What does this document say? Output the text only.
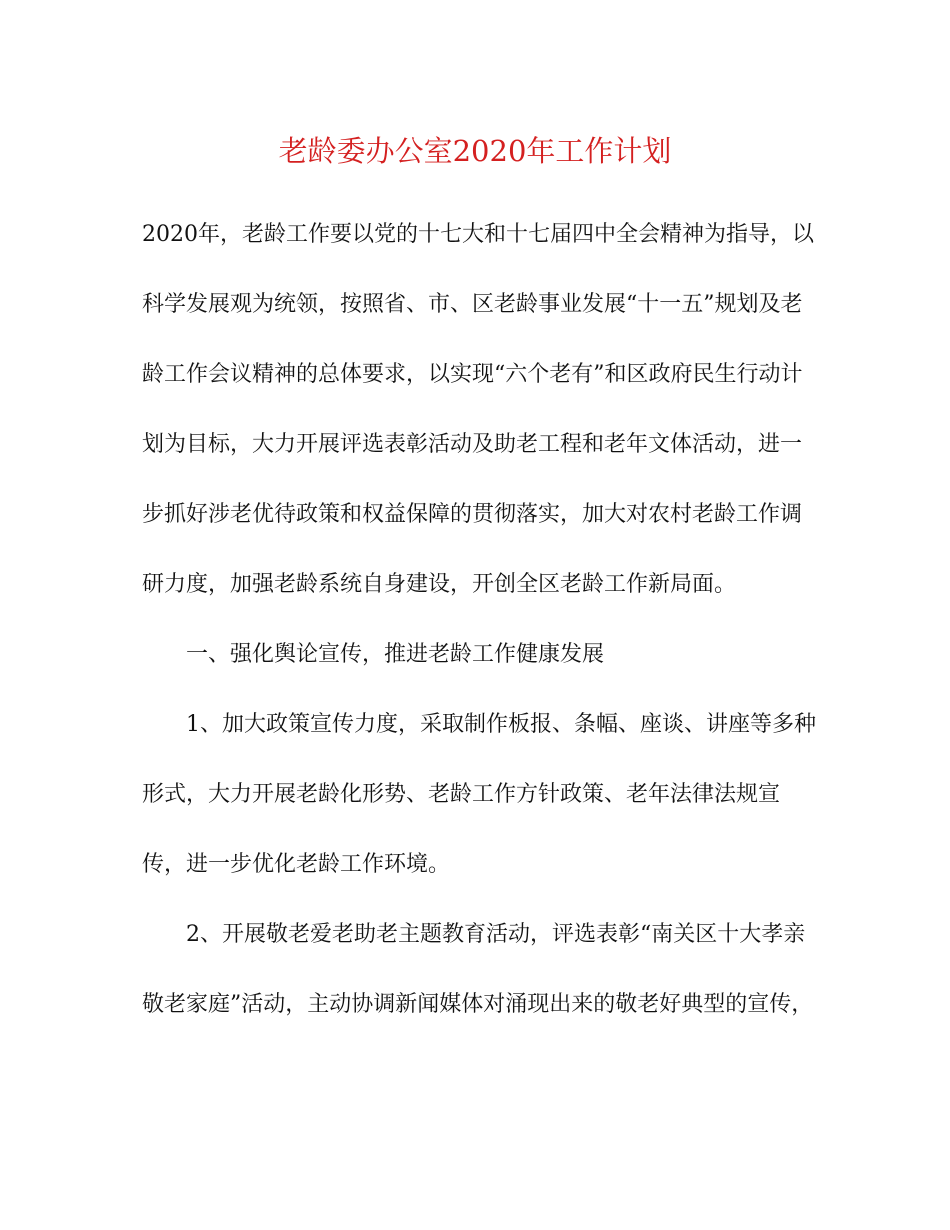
老龄委办公室2020年工作计划
2020年，老龄工作要以党的十七大和十七届四中全会精神为指导，以
科学发展观为统领，按照省、市、区老龄事业发展“十一五”规划及老
龄工作会议精神的总体要求，以实现“六个老有”和区政府民生行动计
划为目标，大力开展评选表彰活动及助老工程和老年文体活动，进一
步抓好涉老优待政策和权益保障的贯彻落实，加大对农村老龄工作调
研力度，加强老龄系统自身建设，开创全区老龄工作新局面。
一、强化舆论宣传，推进老龄工作健康发展
1、加大政策宣传力度，采取制作板报、条幅、座谈、讲座等多种
形式，大力开展老龄化形势、老龄工作方针政策、老年法律法规宣
传，进一步优化老龄工作环境。
2、开展敬老爱老助老主题教育活动，评选表彰“南关区十大孝亲
敬老家庭”活动，主动协调新闻媒体对涌现出来的敬老好典型的宣传，
